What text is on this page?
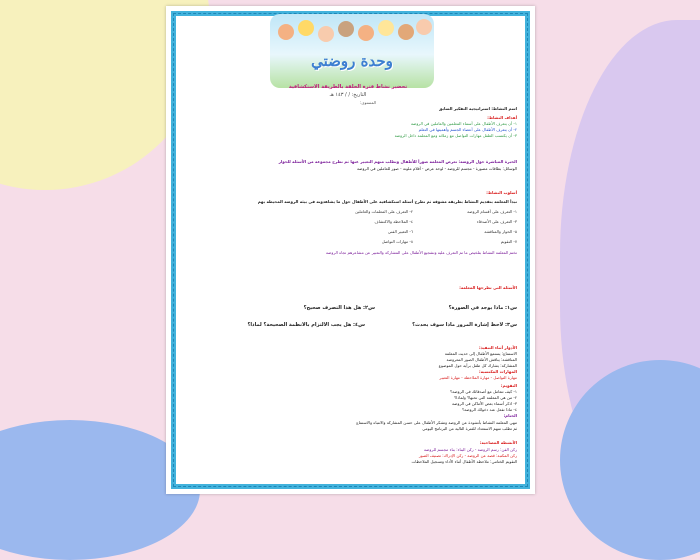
وحدة روضتي
تحضير نشاط فترة الحلقة بالطريقة الاستكشافية
التاريخ: / / ١٤٣ هـ
المستوى:
اسم النشاط: استراتيجية التفكير السابق
أهداف النشاط:
١- أن يتعرف الأطفال على أسماء المعلمين والعاملين في الروضة
٢- أن يتعرف الأطفال على أعضاء الجسم وأهميتها في التعلم
٣- أن يكتسب الطفل مهارات التواصل مع زملائه ومع المعلمة داخل الروضة
الخبرة المباشرة حول الروضة: تعرض المعلمة صوراً للأطفال وتطلب منهم التعبير عنها ثم تطرح مجموعة من الأسئلة للحوار
الوسائل: بطاقات مصورة - مجسم للروضة - لوحة عرض - أقلام ملونة - صور للعاملين في الروضة
أسلوب النشاط:
تبدأ المعلمة بتقديم النشاط بطريقة مشوقة ثم تطرح أسئلة استكشافية على الأطفال حول ما يشاهدونه في بيئة الروضة المحيطة بهم
١- التعرف على أقسام الروضة
٢- التعرف على المعلمات والعاملين
٣- التعرف على الأصدقاء
٤- الملاحظة والاكتشاف
٥- الحوار والمناقشة
٦- التعبير الفني
٧- التقويم
٨- مهارات التواصل
تختم المعلمة النشاط بتلخيص ما تم التعرف عليه وتشجيع الأطفال على المشاركة والتعبير عن مشاعرهم تجاه الروضة
الأسئلة التي تطرحها المعلمة:
س١: ماذا يوجد في الصورة؟
س٢: هل هذا التصرف صحيح؟
س٣: لاحظ إشارة المرور ماذا سوف يحدث؟
س٤: هل يجب الالتزام بالأنظمة الصحيحة؟ لماذا؟
الأدوار أثناء التنفيذ:
الاستماع: يستمع الأطفال إلى حديث المعلمة
المناقشة: يناقش الأطفال الصور المعروضة
المشاركة: يشارك كل طفل برأيه حول الموضوع
المهارات المكتسبة:
مهارة التواصل - مهارة الملاحظة - مهارة التعبير
التقويم:
١- كيف تتعامل مع أصدقائك في الروضة؟
٢- من هي المعلمة التي تحبها؟ ولماذا؟
٣- اذكر أسماء بعض الأماكن في الروضة
٤- ماذا تفعل عند دخولك الروضة؟
الختام:
تنهي المعلمة النشاط بأنشودة عن الروضة وتشكر الأطفال على حسن المشاركة والانتباه والاستماع
ثم تطلب منهم الاستعداد للفترة التالية من البرنامج اليومي
الأنشطة المصاحبة:
ركن الفن: رسم الروضة - ركن البناء: بناء مجسم للروضة
ركن المكتبة: قصة عن الروضة - ركن الإدراك: تصنيف الصور
التقويم الختامي: ملاحظة الأطفال أثناء الأداء وتسجيل الملاحظات
